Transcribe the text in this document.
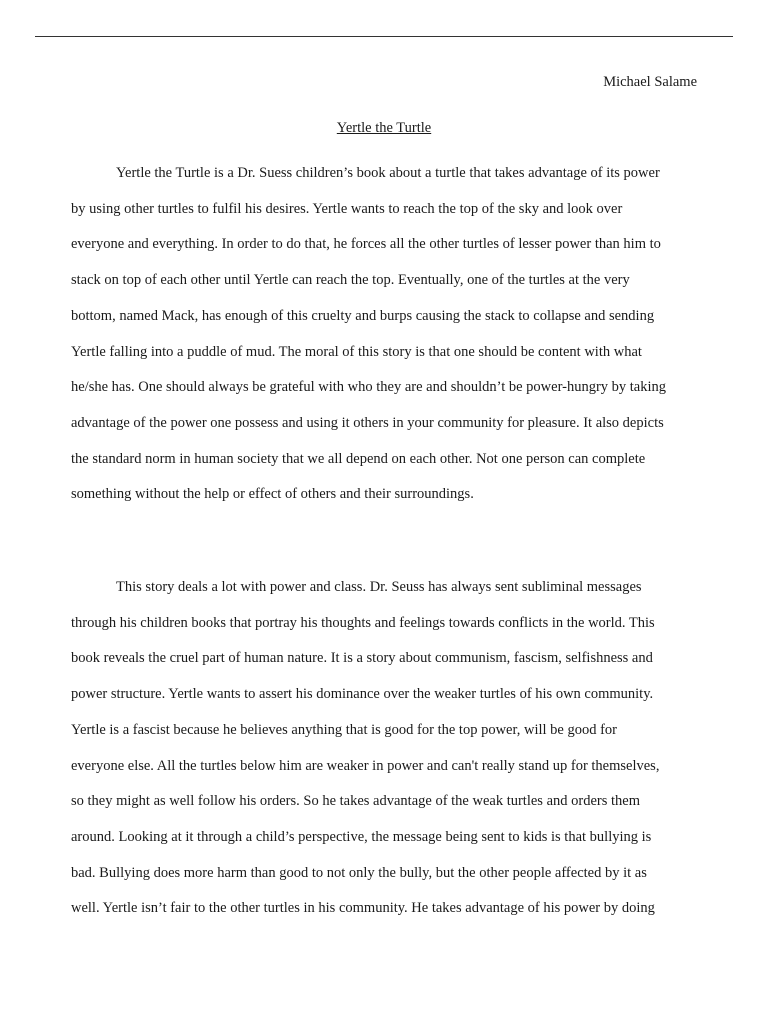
Michael Salame
Yertle the Turtle

Yertle the Turtle is a Dr. Suess children’s book about a turtle that takes advantage of its power
by using other turtles to fulfil his desires. Yertle wants to reach the top of the sky and look over
everyone and everything. In order to do that, he forces all the other turtles of lesser power than him to
stack on top of each other until Yertle can reach the top. Eventually, one of the turtles at the very
bottom, named Mack, has enough of this cruelty and burps causing the stack to collapse and sending
Yertle falling into a puddle of mud. The moral of this story is that one should be content with what
he/she has. One should always be grateful with who they are and shouldn’t be power-hungry by taking
advantage of the power one possess and using it others in your community for pleasure. It also depicts
the standard norm in human society that we all depend on each other. Not one person can complete
something without the help or effect of others and their surroundings.

This story deals a lot with power and class. Dr. Seuss has always sent subliminal messages
through his children books that portray his thoughts and feelings towards conflicts in the world. This
book reveals the cruel part of human nature. It is a story about communism, fascism, selfishness and
power structure. Yertle wants to assert his dominance over the weaker turtles of his own community.
Yertle is a fascist because he believes anything that is good for the top power, will be good for
everyone else. All the turtles below him are weaker in power and can't really stand up for themselves,
so they might as well follow his orders. So he takes advantage of the weak turtles and orders them
around. Looking at it through a child’s perspective, the message being sent to kids is that bullying is
bad. Bullying does more harm than good to not only the bully, but the other people affected by it as
well. Yertle isn’t fair to the other turtles in his community. He takes advantage of his power by doing
